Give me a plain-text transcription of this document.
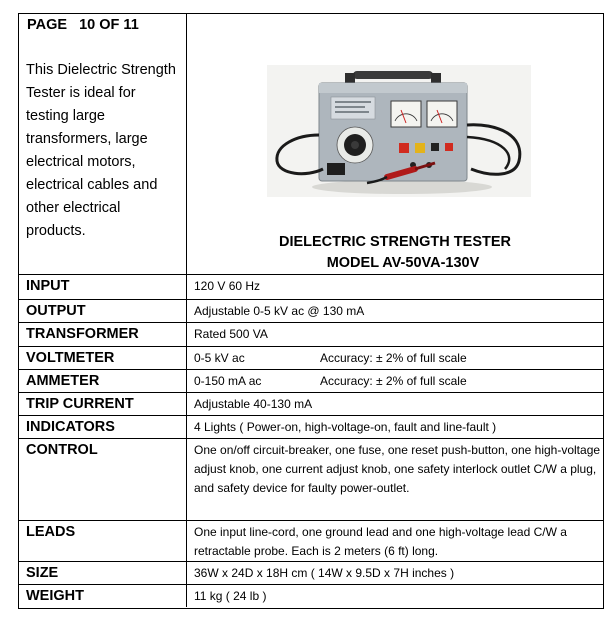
PAGE   10 OF 11
This Dielectric Strength Tester is ideal for testing large transformers, large electrical motors, electrical cables and other electrical products.
DIELECTRIC STRENGTH TESTER
MODEL AV-50VA-130V
INPUT	120 V 60 Hz
OUTPUT	Adjustable 0-5 kV ac @ 130 mA
TRANSFORMER	Rated 500 VA
VOLTMETER	0-5 kV ac Accuracy: ± 2% of full scale
AMMETER	0-150 mA ac Accuracy: ± 2% of full scale
TRIP CURRENT	Adjustable 40-130 mA
INDICATORS	4 Lights ( Power-on, high-voltage-on, fault and line-fault )
CONTROL	One on/off circuit-breaker, one fuse, one reset push-button, one high-voltage adjust knob, one current adjust knob, one safety interlock outlet C/W a plug, and safety device for faulty power-outlet.
LEADS	One input line-cord, one ground lead and one high-voltage lead C/W a retractable probe. Each is 2 meters (6 ft) long.
SIZE	36W x 24D x 18H cm ( 14W x 9.5D x 7H inches )
WEIGHT	11 kg ( 24 lb )
